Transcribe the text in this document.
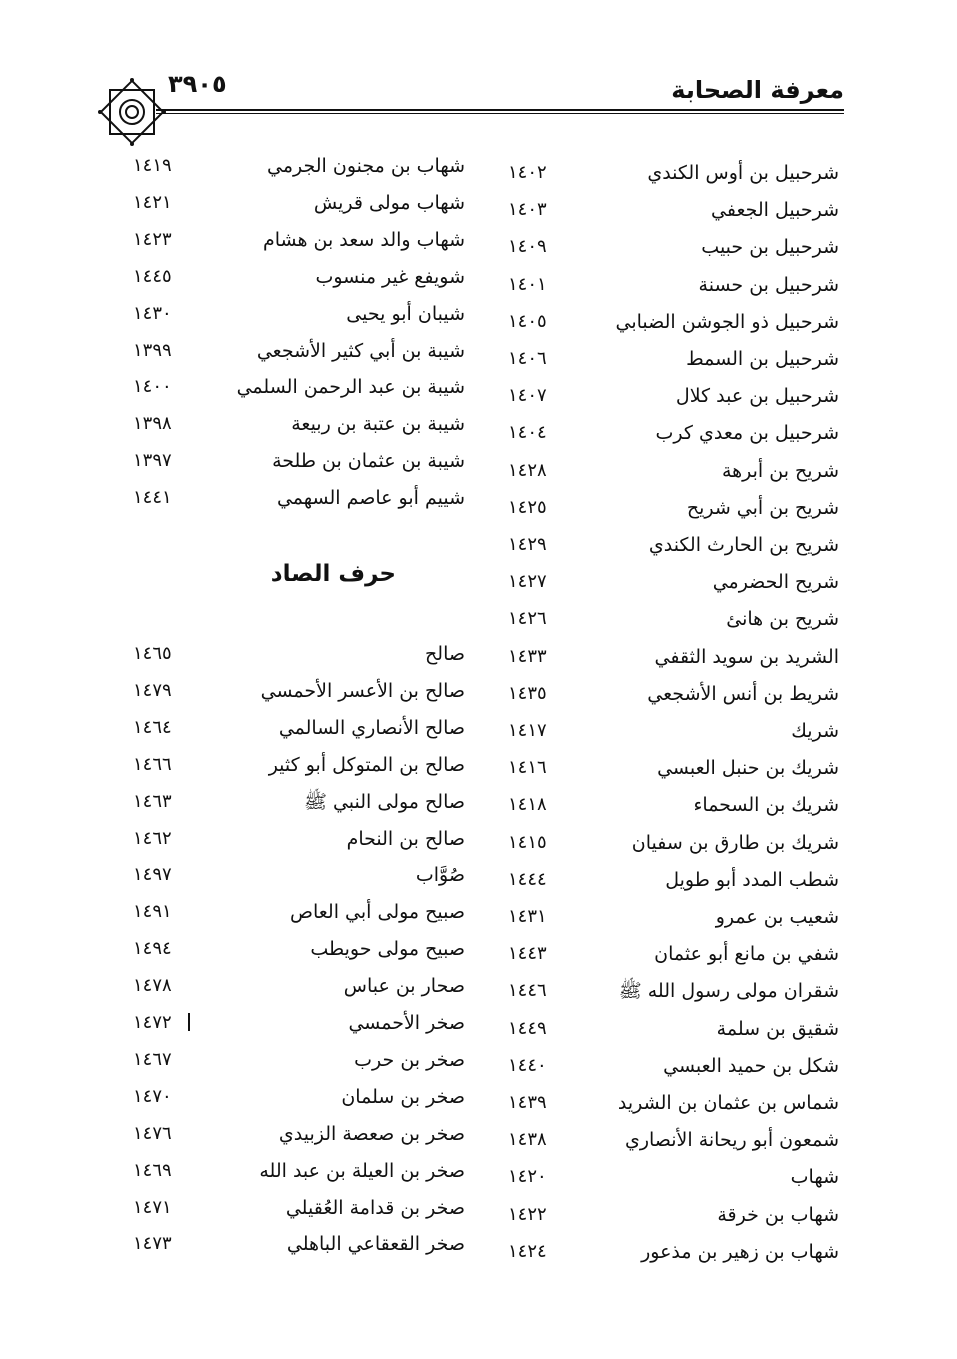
٣٩٠٥	معرفة الصحابة
شرحبيل بن أوس الكندي
١٤٠٢
شرحبيل الجعفي
١٤٠٣
شرحبيل بن حبيب
١٤٠٩
شرحبيل بن حسنة
١٤٠١
شرحبيل ذو الجوشن الضبابي
١٤٠٥
شرحبيل بن السمط
١٤٠٦
شرحبيل بن عبد كلال
١٤٠٧
شرحبيل بن معدي كرب
١٤٠٤
شريح بن أبرهة
١٤٢٨
شريح بن أبي شريح
١٤٢٥
شريح بن الحارث الكندي
١٤٢٩
شريح الحضرمي
١٤٢٧
شريح بن هانئ
١٤٢٦
الشريد بن سويد الثقفي
١٤٣٣
شريط بن أنس الأشجعي
١٤٣٥
شريك
١٤١٧
شريك بن حنبل العبسي
١٤١٦
شريك بن السحماء
١٤١٨
شريك بن طارق بن سفيان
١٤١٥
شطب المدد أبو طويل
١٤٤٤
شعيب بن عمرو
١٤٣١
شفي بن مانع أبو عثمان
١٤٤٣
شقران مولى رسول الله ﷺ
١٤٤٦
شقيق بن سلمة
١٤٤٩
شكل بن حميد العبسي
١٤٤٠
شماس بن عثمان بن الشريد
١٤٣٩
شمعون أبو ريحانة الأنصاري
١٤٣٨
شهاب
١٤٢٠
شهاب بن خرقة
١٤٢٢
شهاب بن زهير بن مذعور
١٤٢٤
شهاب بن مجنون الجرمي
١٤١٩
شهاب مولى قريش
١٤٢١
شهاب والد سعد بن هشام
١٤٢٣
شويفع غير منسوب
١٤٤٥
شيبان أبو يحيى
١٤٣٠
شيبة بن أبي كثير الأشجعي
١٣٩٩
شيبة بن عبد الرحمن السلمي
١٤٠٠
شيبة بن عتبة بن ربيعة
١٣٩٨
شيبة بن عثمان بن طلحة
١٣٩٧
شييم أبو عاصم السهمي
١٤٤١
صالح
١٤٦٥
صالح بن الأعسر الأحمسي
١٤٧٩
صالح الأنصاري السالمي
١٤٦٤
صالح بن المتوكل أبو كثير
١٤٦٦
صالح مولى النبي ﷺ
١٤٦٣
صالح بن النحام
١٤٦٢
صُوَّاب
١٤٩٧
صبيح مولى أبي العاص
١٤٩١
صبيح مولى حويطب
١٤٩٤
صحار بن عباس
١٤٧٨
صخر الأحمسي
١٤٧٢
صخر بن حرب
١٤٦٧
صخر بن سلمان
١٤٧٠
صخر بن صعصة الزبيدي
١٤٧٦
صخر بن العيلة بن عبد الله
١٤٦٩
صخر بن قدامة العُقيلي
١٤٧١
صخر القعقاعي الباهلي
١٤٧٣
حرف الصاد
